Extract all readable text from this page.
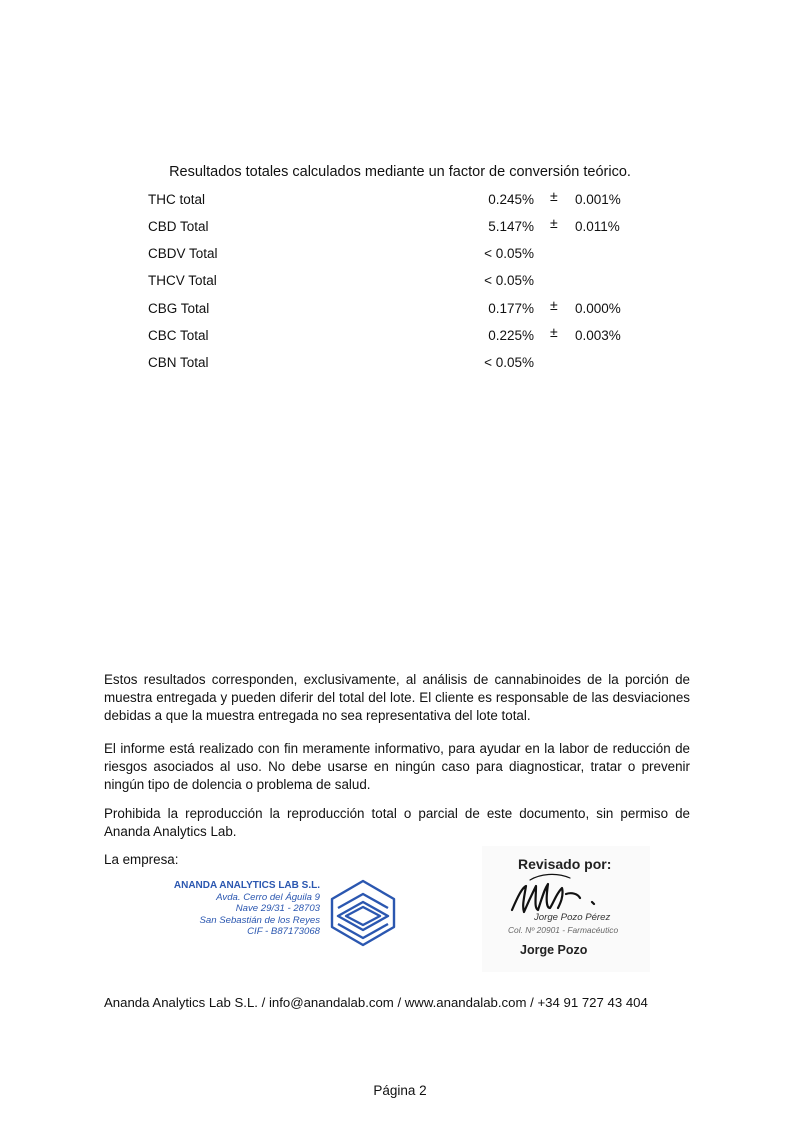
Resultados totales calculados mediante un factor de conversión teórico.
THC total	0.245% ± 0.001%
CBD Total	5.147% ± 0.011%
CBDV Total	< 0.05%
THCV Total	< 0.05%
CBG Total	0.177% ± 0.000%
CBC Total	0.225% ± 0.003%
CBN Total	< 0.05%
Estos resultados corresponden, exclusivamente, al análisis de cannabinoides de la porción de muestra entregada y pueden diferir del total del lote. El cliente es responsable de las desviaciones debidas a que la muestra entregada no sea representativa del lote total.
El informe está realizado con fin meramente informativo, para ayudar en la labor de reducción de riesgos asociados al uso. No debe usarse en ningún caso para diagnosticar, tratar o prevenir ningún tipo de dolencia o problema de salud.
Prohibida la reproducción la reproducción total o parcial de este documento, sin permiso de Ananda Analytics Lab.
La empresa:
ANANDA ANALYTICS LAB S.L.
Avda. Cerro del Águila 9
Nave 29/31 - 28703
San Sebastián de los Reyes
CIF - B87173068
Revisado por:
Jorge Pozo Pérez
Col. Nº 20901 - Farmacéutico
Jorge Pozo
Ananda Analytics Lab S.L. / info@anandalab.com / www.anandalab.com / +34 91 727 43 404
Página 2
